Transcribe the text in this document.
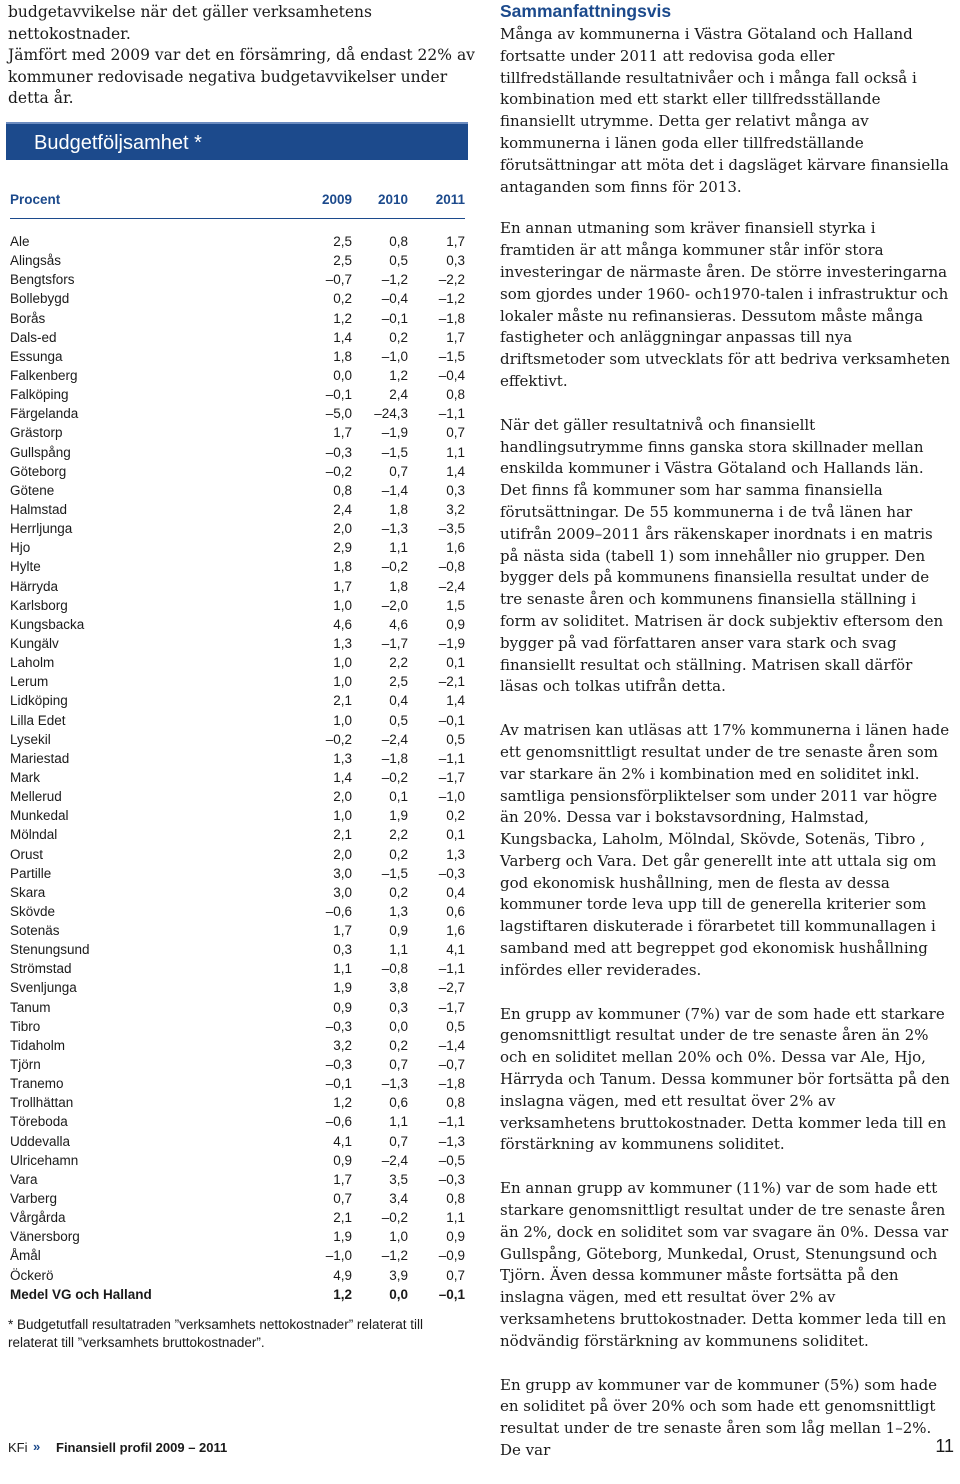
budgetavvikelse när det gäller verksamhetens nettokostnader.

Jämfört med 2009 var det en försämring, då endast 22% av

kommuner redovisade negativa budgetavvikelser under detta år.

Budgetföljsamhet *
Procent	2009 2010 2011
Ale	2,5	0,8	1,7
Alingsås	2,5	0,5	0,3
Bengtsfors	–0,7 –1,2 –2,2
Bollebygd	0,2 –0,4 –1,2
Borås	1,2 –0,1 –1,8
Dals-ed	1,4	0,2	1,7
Essunga	1,8 –1,0 –1,5
Falkenberg	0,0	1,2 –0,4
Falköping	–0,1	2,4	0,8
Färgelanda	–5,0 –24,3 –1,1
Grästorp	1,7 –1,9	0,7
Gullspång	–0,3 –1,5	1,1
Göteborg	–0,2	0,7	1,4
Götene	0,8 –1,4	0,3
Halmstad	2,4	1,8	3,2
Herrljunga	2,0 –1,3 –3,5
Hjo	2,9	1,1	1,6
Hylte	1,8 –0,2 –0,8
Härryda	1,7	1,8 –2,4
Karlsborg	1,0 –2,0	1,5
Kungsbacka	4,6	4,6	0,9
Kungälv	1,3 –1,7 –1,9
Laholm	1,0	2,2	0,1
Lerum	1,0	2,5 –2,1
Lidköping	2,1	0,4	1,4
Lilla Edet	1,0	0,5 –0,1
Lysekil	–0,2 –2,4	0,5
Mariestad	1,3 –1,8 –1,1
Mark	1,4 –0,2 –1,7
Mellerud	2,0	0,1 –1,0
Munkedal	1,0	1,9	0,2
Mölndal	2,1	2,2	0,1
Orust	2,0	0,2	1,3
Partille	3,0 –1,5 –0,3
Skara	3,0	0,2	0,4
Skövde	–0,6	1,3	0,6
Sotenäs	1,7	0,9	1,6
Stenungsund	0,3	1,1	4,1
Strömstad	1,1 –0,8 –1,1
Svenljunga	1,9	3,8 –2,7
Tanum	0,9	0,3 –1,7
Tibro	–0,3	0,0	0,5
Tidaholm	3,2	0,2 –1,4
Tjörn	–0,3	0,7 –0,7
Tranemo	–0,1 –1,3 –1,8
Trollhättan	1,2	0,6	0,8
Töreboda	–0,6	1,1 –1,1
Uddevalla	4,1	0,7 –1,3
Ulricehamn	0,9 –2,4 –0,5
Vara	1,7	3,5 –0,3
Varberg	0,7	3,4	0,8
Vårgårda	2,1 –0,2	1,1
Vänersborg	1,9	1,0	0,9
Åmål	–1,0 –1,2 –0,9
Öckerö	4,9	3,9	0,7
Medel VG och Halland	1,2	0,0 –0,1

* Budgetutfall resultatraden ”verksamhets nettokostnader” relaterat till

relaterat till ”verksamhets bruttokostnader”.

Sammanfattningsvis

Många av kommunerna i Västra Götaland och Halland fortsatte under 2011 att redovisa goda eller tillfredställande resultatnivåer och i många fall också i kombination med ett starkt eller tillfredsställande finansiellt utrymme. Detta ger relativt många av kommunerna i länen goda eller tillfredställande förutsättningar att möta det i dagsläget kärvare finansiella antaganden som finns för 2013.

En annan utmaning som kräver finansiell styrka i framtiden är att många kommuner står inför stora investeringar de närmaste åren. De större investeringarna som gjordes under 1960- och1970-talen i infrastruktur och lokaler måste nu refinansieras. Dessutom måste många fastigheter och anläggningar anpassas till nya driftsmetoder som utvecklats för att bedriva verksamheten effektivt.

När det gäller resultatnivå och finansiellt handlingsutrymme finns ganska stora skillnader mellan enskilda kommuner i Västra Götaland och Hallands län. Det finns få kommuner som har samma finansiella förutsättningar. De 55 kommunerna i de två länen har utifrån 2009–2011 års räkenskaper inordnats i en matris på nästa sida (tabell 1) som innehåller nio grupper. Den bygger dels på kommunens finansiella resultat under de tre senaste åren och kommunens finansiella ställning i form av soliditet. Matrisen är dock subjektiv eftersom den bygger på vad författaren anser vara stark och svag finansiellt resultat och ställning. Matrisen skall därför läsas och tolkas utifrån detta.

Av matrisen kan utläsas att 17% kommunerna i länen hade ett genomsnittligt resultat under de tre senaste åren som var starkare än 2% i kombination med en soliditet inkl. samtliga pensionsförpliktelser som under 2011 var högre än 20%. Dessa var i bokstavsordning, Halmstad, Kungsbacka, Laholm, Mölndal, Skövde, Sotenäs, Tibro , Varberg och Vara. Det går generellt inte att uttala sig om god ekonomisk hushållning, men de flesta av dessa kommuner torde leva upp till de generella kriterier som lagstiftaren diskuterade i förarbetet till kommunallagen i samband med att begreppet god ekonomisk hushållning infördes eller reviderades.

En grupp av kommuner (7%) var de som hade ett starkare genomsnittligt resultat under de tre senaste åren än 2% och en soliditet mellan 20% och 0%. Dessa var Ale, Hjo, Härryda och Tanum. Dessa kommuner bör fortsätta på den inslagna vägen, med ett resultat över 2% av verksamhetens bruttokostnader. Detta kommer leda till en förstärkning av kommunens soliditet.

En annan grupp av kommuner (11%) var de som hade ett starkare genomsnittligt resultat under de tre senaste åren än 2%, dock en soliditet som var svagare än 0%. Dessa var Gullspång, Göteborg, Munkedal, Orust, Stenungsund och Tjörn. Även dessa kommuner måste fortsätta på den inslagna vägen, med ett resultat över 2% av verksamhetens bruttokostnader. Detta kommer leda till en nödvändig förstärkning av kommunens soliditet.

En grupp av kommuner var de kommuner (5%) som hade en soliditet på över 20% och som hade ett genomsnittligt resultat under de tre senaste åren som låg mellan 1–2%. De var

KFi » Finansiell profil 2009 – 2011	11
